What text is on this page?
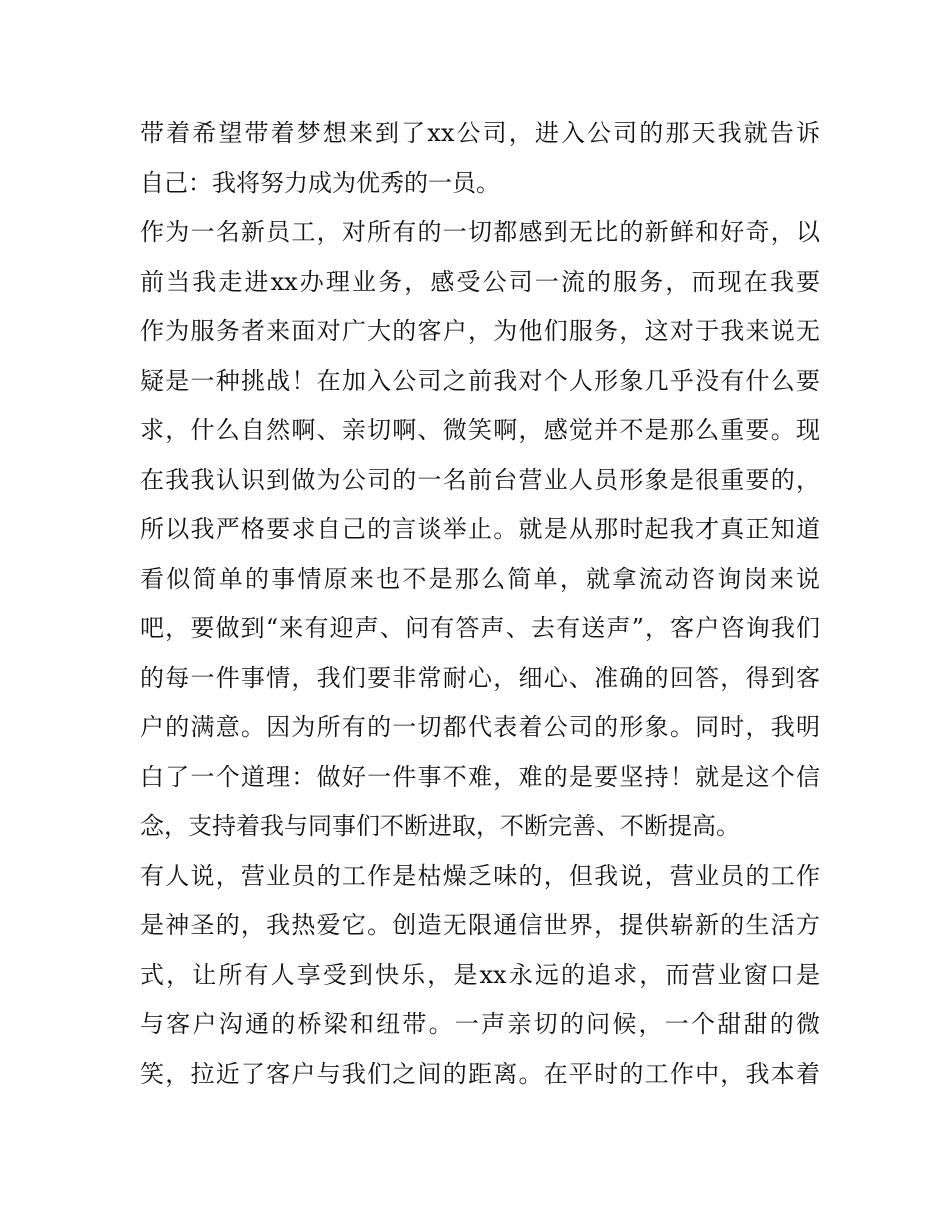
带着希望带着梦想来到了xx公司，进入公司的那天我就告诉
自己：我将努力成为优秀的一员。
作为一名新员工，对所有的一切都感到无比的新鲜和好奇，以
前当我走进xx办理业务，感受公司一流的服务，而现在我要
作为服务者来面对广大的客户，为他们服务，这对于我来说无
疑是一种挑战！在加入公司之前我对个人形象几乎没有什么要
求，什么自然啊、亲切啊、微笑啊，感觉并不是那么重要。现
在我我认识到做为公司的一名前台营业人员形象是很重要的，
所以我严格要求自己的言谈举止。就是从那时起我才真正知道
看似简单的事情原来也不是那么简单，就拿流动咨询岗来说
吧，要做到“来有迎声、问有答声、去有送声”，客户咨询我们
的每一件事情，我们要非常耐心，细心、准确的回答，得到客
户的满意。因为所有的一切都代表着公司的形象。同时，我明
白了一个道理：做好一件事不难，难的是要坚持！就是这个信
念，支持着我与同事们不断进取，不断完善、不断提高。
有人说，营业员的工作是枯燥乏味的，但我说，营业员的工作
是神圣的，我热爱它。创造无限通信世界，提供崭新的生活方
式，让所有人享受到快乐，是xx永远的追求，而营业窗口是
与客户沟通的桥梁和纽带。一声亲切的问候，一个甜甜的微
笑，拉近了客户与我们之间的距离。在平时的工作中，我本着
